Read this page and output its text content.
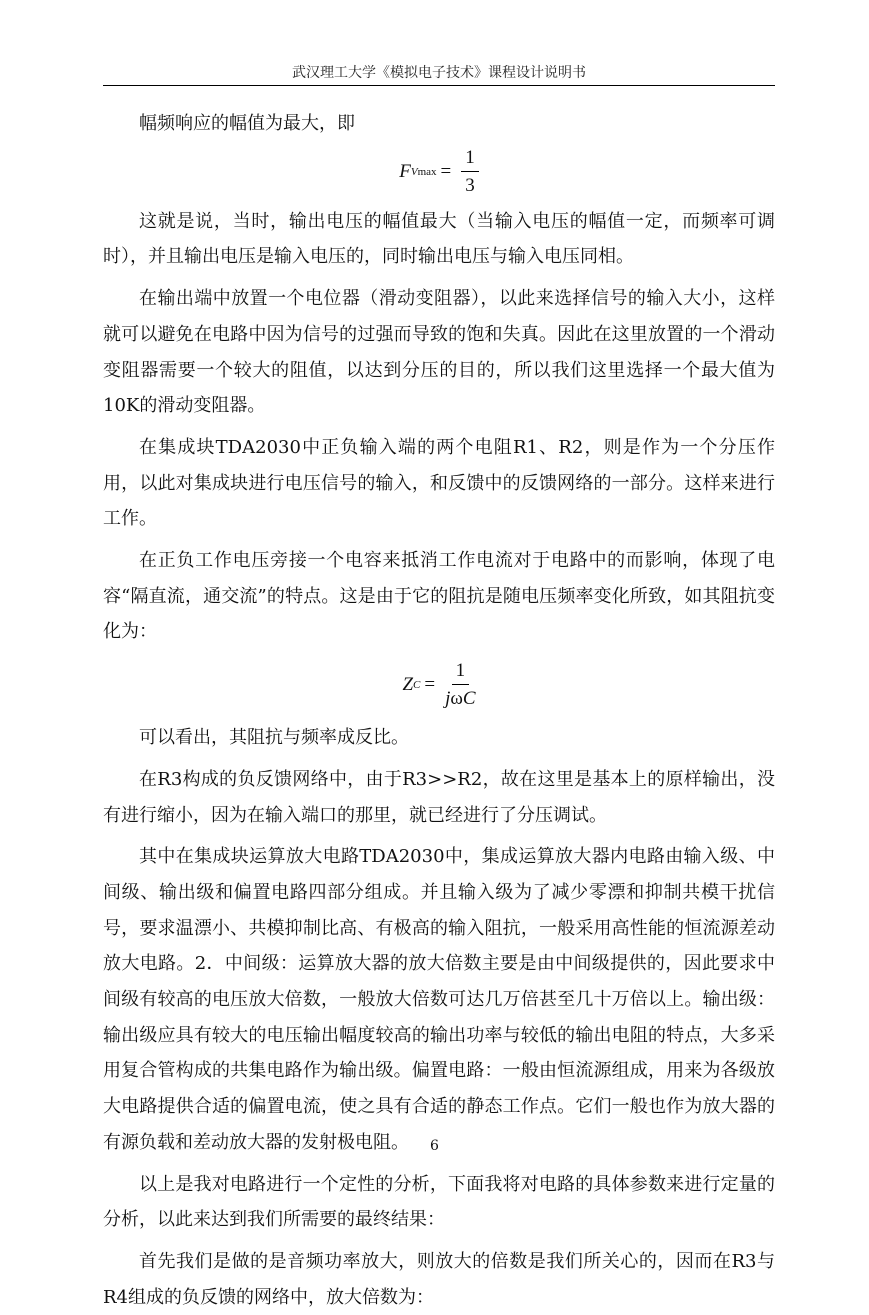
武汉理工大学《模拟电子技术》课程设计说明书

幅频响应的幅值为最大，即

F V $\max = \frac{1}{3}$

这就是说，当时，输出电压的幅值最大（当输入电压的幅值一定，而频率可调时），并且输出电压是输入电压的，同时输出电压与输入电压同相。

在输出端中放置一个电位器（滑动变阻器），以此来选择信号的输入大小，这样就可以避免在电路中因为信号的过强而导致的饱和失真。因此在这里放置的一个滑动变阻器需要一个较大的阻值，以达到分压的目的，所以我们这里选择一个最大值为10K的滑动变阻器。

在集成块TDA2030中正负输入端的两个电阻R1、R2，则是作为一个分压作用，以此对集成块进行电压信号的输入，和反馈中的反馈网络的一部分。这样来进行工作。

在正负工作电压旁接一个电容来抵消工作电流对于电路中的而影响，体现了电容“隔直流，通交流”的特点。这是由于它的阻抗是随电压频率变化所致，如其阻抗变化为：

Z $C = \frac{1}{\text{jωC}}$

可以看出，其阻抗与频率成反比。

在R3构成的负反馈网络中，由于R3>>R2，故在这里是基本上的原样输出，没有进行缩小，因为在输入端口的那里，就已经进行了分压调试。

其中在集成块运算放大电路TDA2030中，集成运算放大器内电路由输入级、中间级、输出级和偏置电路四部分组成。并且输入级为了减少零漂和抑制共模干扰信号，要求温漂小、共模抑制比高、有极高的输入阻抗，一般采用高性能的恒流源差动放大电路。2．中间级：运算放大器的放大倍数主要是由中间级提供的，因此要求中间级有较高的电压放大倍数，一般放大倍数可达几万倍甚至几十万倍以上。输出级：输出级应具有较大的电压输出幅度较高的输出功率与较低的输出电阻的特点，大多采用复合管构成的共集电路作为输出级。偏置电路：一般由恒流源组成，用来为各级放大电路提供合适的偏置电流，使之具有合适的静态工作点。它们一般也作为放大器的有源负载和差动放大器的发射极电阻。

以上是我对电路进行一个定性的分析，下面我将对电路的具体参数来进行定量的分析，以此来达到我们所需要的最终结果：

首先我们是做的是音频功率放大，则放大的倍数是我们所关心的，因而在R3与R4组成的负反馈的网络中，放大倍数为：

6
